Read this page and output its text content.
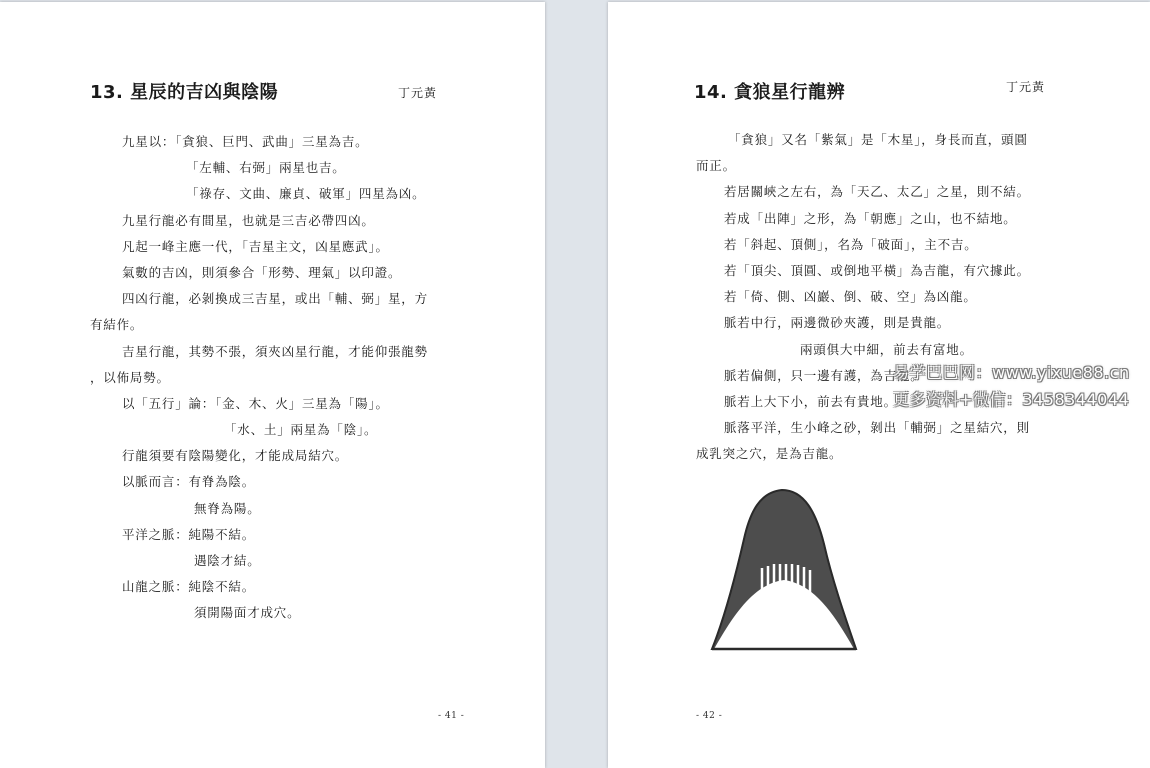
13. 星辰的吉凶與陰陽	丁元黃
九星以：「貪狼、巨門、武曲」三星為吉。
「左輔、右弼」兩星也吉。
「祿存、文曲、廉貞、破軍」四星為凶。
九星行龍必有間星，也就是三吉必帶四凶。
凡起一峰主應一代，「吉星主文，凶星應武」。
氣數的吉凶，則須參合「形勢、理氣」以印證。
四凶行龍，必剝換成三吉星，或出「輔、弼」星，方
有結作。
吉星行龍，其勢不張，須夾凶星行龍，才能仰張龍勢
，以佈局勢。
以「五行」論：「金、木、火」三星為「陽」。
「水、土」兩星為「陰」。
行龍須要有陰陽變化，才能成局結穴。
以脈而言：有脊為陰。
無脊為陽。
平洋之脈：純陽不結。
遇陰才結。
山龍之脈：純陰不結。
須開陽面才成穴。
- 41 -
14. 貪狼星行龍辨	丁元黃
「貪狼」又名「紫氣」是「木星」，身長而直，頭圓
而正。
若居關峽之左右，為「天乙、太乙」之星，則不結。
若成「出陣」之形，為「朝應」之山，也不結地。
若「斜起、頂側」，名為「破面」，主不吉。
若「頂尖、頂圓、或倒地平橫」為吉龍，有穴據此。
若「倚、側、凶巖、倒、破、空」為凶龍。
脈若中行，兩邊微砂夾護，則是貴龍。
兩頭俱大中細，前去有富地。
脈若偏側，只一邊有護，為吉龍。
脈若上大下小，前去有貴地。
脈落平洋，生小峰之砂，剝出「輔弼」之星結穴，則
成乳突之穴，是為吉龍。
- 42 -
易学巴巴网：www.yixue88.cn
更多资料+微信：3458344044
